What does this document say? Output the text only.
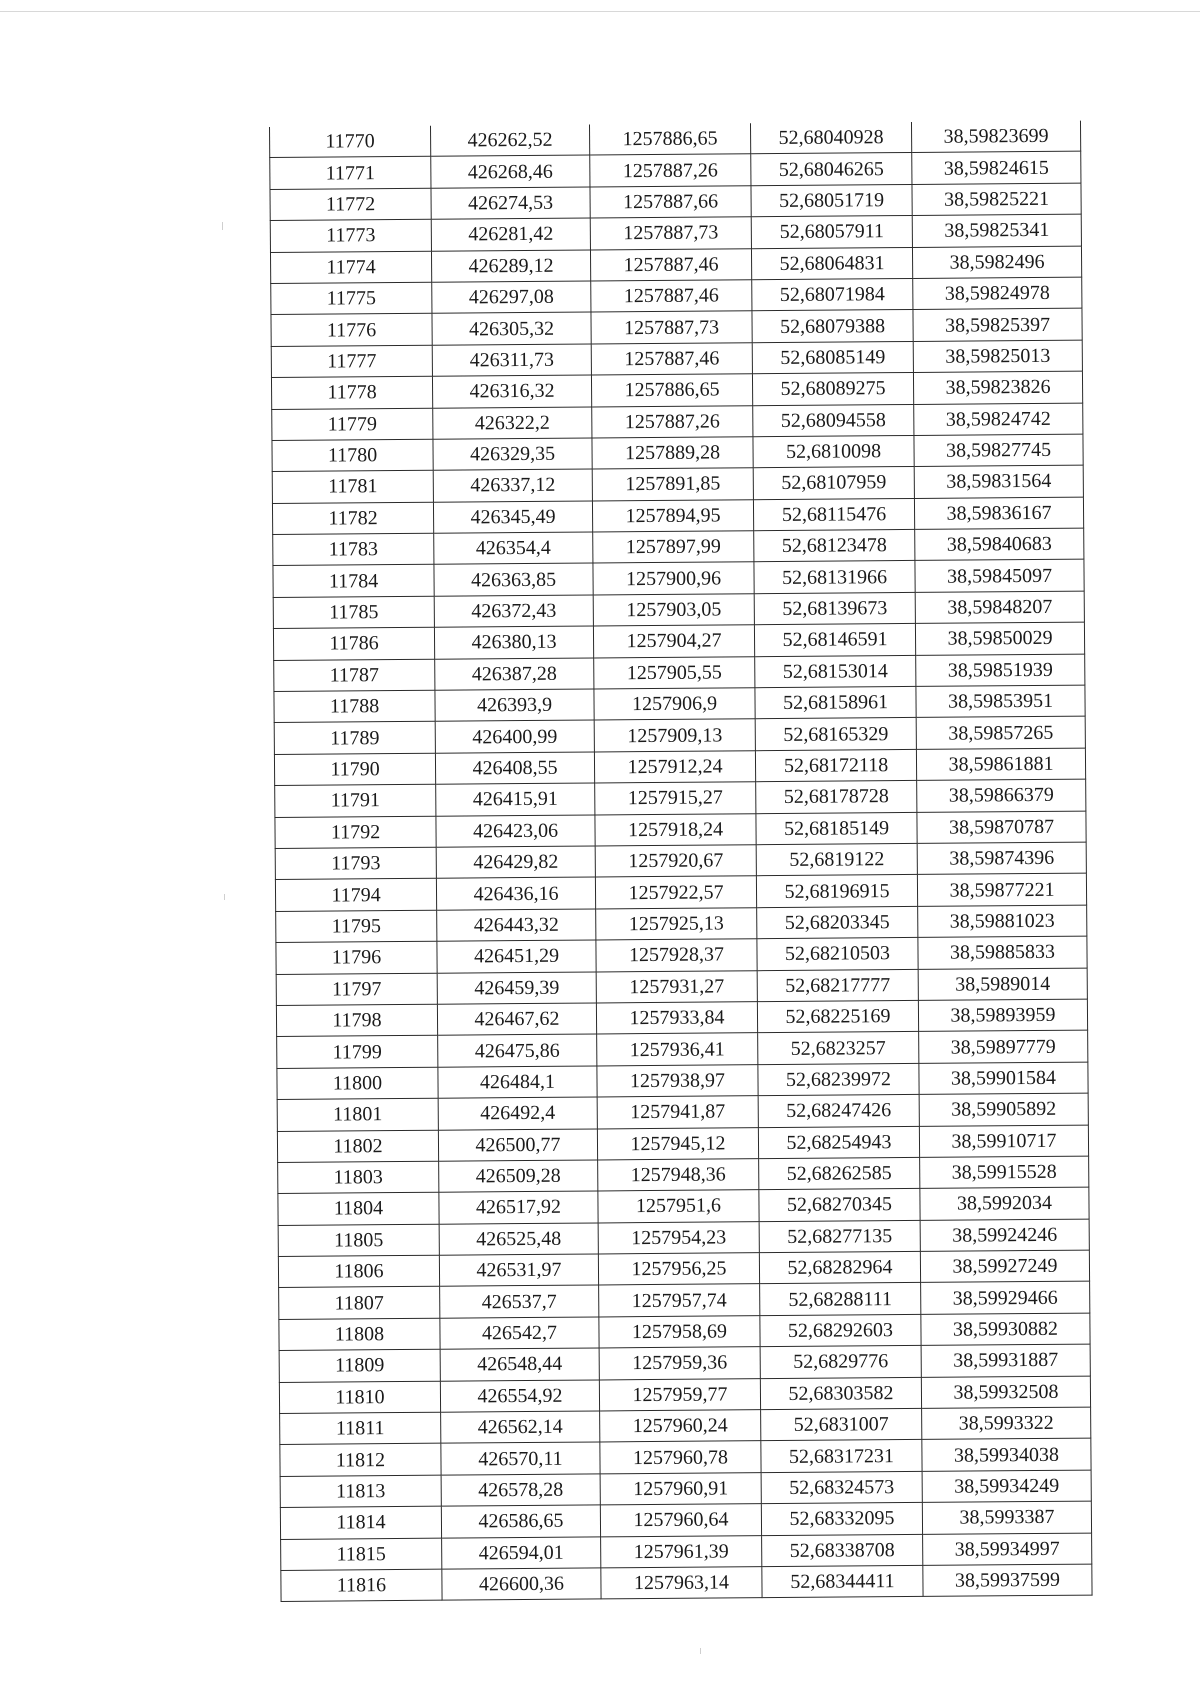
11770	426262,52	1257886,65	52,68040928	38,59823699
11771	426268,46	1257887,26	52,68046265	38,59824615
11772	426274,53	1257887,66	52,68051719	38,59825221
11773	426281,42	1257887,73	52,68057911	38,59825341
11774	426289,12	1257887,46	52,68064831	38,5982496
11775	426297,08	1257887,46	52,68071984	38,59824978
11776	426305,32	1257887,73	52,68079388	38,59825397
11777	426311,73	1257887,46	52,68085149	38,59825013
11778	426316,32	1257886,65	52,68089275	38,59823826
11779	426322,2	1257887,26	52,68094558	38,59824742
11780	426329,35	1257889,28	52,6810098	38,59827745
11781	426337,12	1257891,85	52,68107959	38,59831564
11782	426345,49	1257894,95	52,68115476	38,59836167
11783	426354,4	1257897,99	52,68123478	38,59840683
11784	426363,85	1257900,96	52,68131966	38,59845097
11785	426372,43	1257903,05	52,68139673	38,59848207
11786	426380,13	1257904,27	52,68146591	38,59850029
11787	426387,28	1257905,55	52,68153014	38,59851939
11788	426393,9	1257906,9	52,68158961	38,59853951
11789	426400,99	1257909,13	52,68165329	38,59857265
11790	426408,55	1257912,24	52,68172118	38,59861881
11791	426415,91	1257915,27	52,68178728	38,59866379
11792	426423,06	1257918,24	52,68185149	38,59870787
11793	426429,82	1257920,67	52,6819122	38,59874396
11794	426436,16	1257922,57	52,68196915	38,59877221
11795	426443,32	1257925,13	52,68203345	38,59881023
11796	426451,29	1257928,37	52,68210503	38,59885833
11797	426459,39	1257931,27	52,68217777	38,5989014
11798	426467,62	1257933,84	52,68225169	38,59893959
11799	426475,86	1257936,41	52,6823257	38,59897779
11800	426484,1	1257938,97	52,68239972	38,59901584
11801	426492,4	1257941,87	52,68247426	38,59905892
11802	426500,77	1257945,12	52,68254943	38,59910717
11803	426509,28	1257948,36	52,68262585	38,59915528
11804	426517,92	1257951,6	52,68270345	38,5992034
11805	426525,48	1257954,23	52,68277135	38,59924246
11806	426531,97	1257956,25	52,68282964	38,59927249
11807	426537,7	1257957,74	52,68288111	38,59929466
11808	426542,7	1257958,69	52,68292603	38,59930882
11809	426548,44	1257959,36	52,6829776	38,59931887
11810	426554,92	1257959,77	52,68303582	38,59932508
11811	426562,14	1257960,24	52,6831007	38,5993322
11812	426570,11	1257960,78	52,68317231	38,59934038
11813	426578,28	1257960,91	52,68324573	38,59934249
11814	426586,65	1257960,64	52,68332095	38,5993387
11815	426594,01	1257961,39	52,68338708	38,59934997
11816	426600,36	1257963,14	52,68344411	38,59937599
